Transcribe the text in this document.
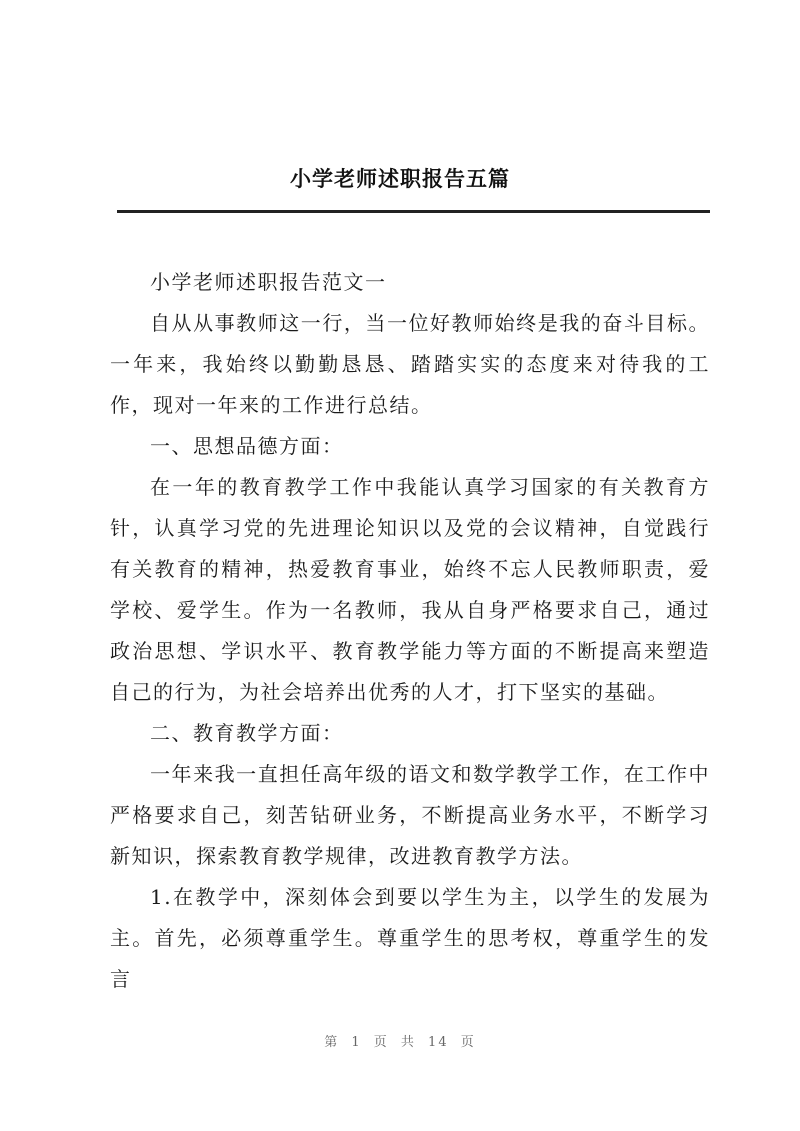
小学老师述职报告五篇

小学老师述职报告范文一

自从从事教师这一行，当一位好教师始终是我的奋斗目标。一年来，我始终以勤勤恳恳、踏踏实实的态度来对待我的工作，现对一年来的工作进行总结。

一、思想品德方面：

在一年的教育教学工作中我能认真学习国家的有关教育方针，认真学习党的先进理论知识以及党的会议精神，自觉践行有关教育的精神，热爱教育事业，始终不忘人民教师职责，爱学校、爱学生。作为一名教师，我从自身严格要求自己，通过政治思想、学识水平、教育教学能力等方面的不断提高来塑造自己的行为，为社会培养出优秀的人才，打下坚实的基础。

二、教育教学方面：

一年来我一直担任高年级的语文和数学教学工作，在工作中严格要求自己，刻苦钻研业务，不断提高业务水平，不断学习新知识，探索教育教学规律，改进教育教学方法。

1.在教学中，深刻体会到要以学生为主，以学生的发展为主。首先，必须尊重学生。尊重学生的思考权，尊重学生的发言

第 1 页 共 14 页
